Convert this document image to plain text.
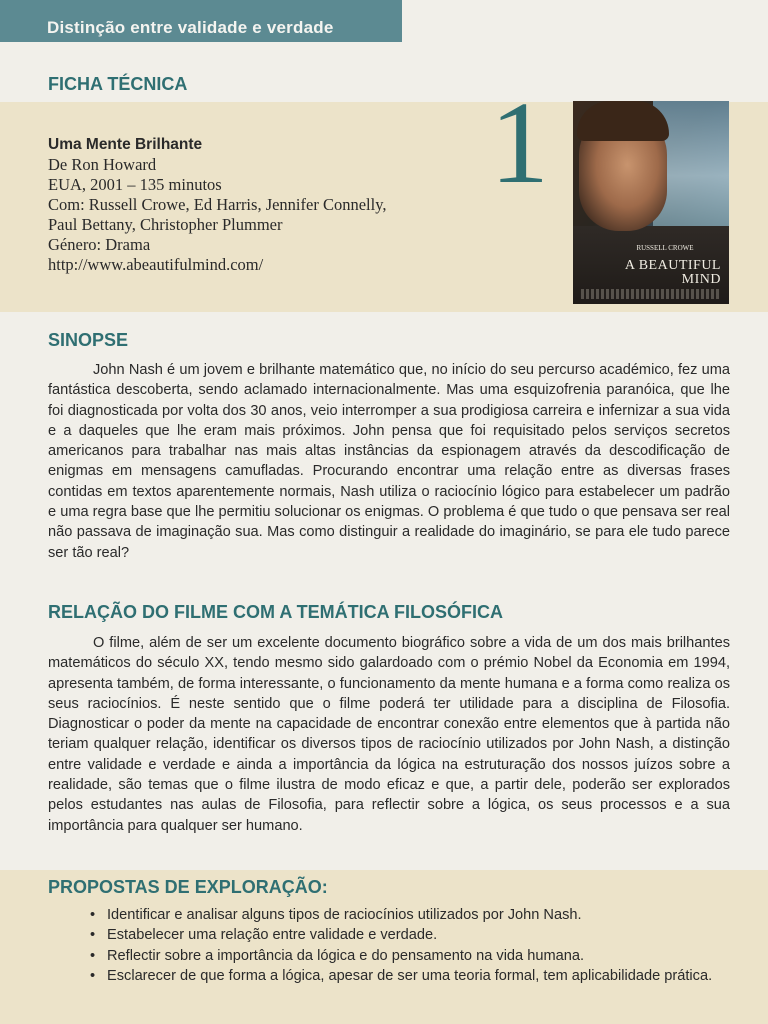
Distinção entre validade e verdade
FICHA TÉCNICA
Uma Mente Brilhante
De Ron Howard
EUA, 2001 – 135 minutos
Com: Russell Crowe, Ed Harris, Jennifer Connelly,
Paul Bettany, Christopher Plummer
Género: Drama
http://www.abeautifulmind.com/
1
RUSSELL CROWE
A BEAUTIFUL MIND
SINOPSE

John Nash é um jovem e brilhante matemático que, no início do seu percurso académico, fez uma fantástica descoberta, sendo aclamado internacionalmente. Mas uma esquizofrenia paranóica, que lhe foi diagnosticada por volta dos 30 anos, veio interromper a sua prodigiosa carreira e infernizar a sua vida e a daqueles que lhe eram mais próximos. John pensa que foi requisitado pelos serviços secretos americanos para trabalhar nas mais altas instâncias da espionagem através da descodificação de enigmas em mensagens camufladas. Procurando encontrar uma relação entre as diversas frases contidas em textos aparentemente normais, Nash utiliza o raciocínio lógico para estabelecer um padrão e uma regra base que lhe permitiu solucionar os enigmas. O problema é que tudo o que pensava ser real não passava de imaginação sua. Mas como distinguir a realidade do imaginário, se para ele tudo parece ser tão real?

RELAÇÃO DO FILME COM A TEMÁTICA FILOSÓFICA

O filme, além de ser um excelente documento biográfico sobre a vida de um dos mais brilhantes matemáticos do século XX, tendo mesmo sido galardoado com o prémio Nobel da Economia em 1994, apresenta também, de forma interessante, o funcionamento da mente humana e a forma como realiza os seus raciocínios. É neste sentido que o filme poderá ter utilidade para a disciplina de Filosofia. Diagnosticar o poder da mente na capacidade de encontrar conexão entre elementos que à partida não teriam qualquer relação, identificar os diversos tipos de raciocínio utilizados por John Nash, a distinção entre validade e verdade e ainda a importância da lógica na estruturação dos nossos juízos sobre a realidade, são temas que o filme ilustra de modo eficaz e que, a partir dele, poderão ser explorados pelos estudantes nas aulas de Filosofia, para reflectir sobre a lógica, os seus processos e a sua importância para qualquer ser humano.

PROPOSTAS DE EXPLORAÇÃO:
• Identificar e analisar alguns tipos de raciocínios utilizados por John Nash.
• Estabelecer uma relação entre validade e verdade.
• Reflectir sobre a importância da lógica e do pensamento na vida humana.
• Esclarecer de que forma a lógica, apesar de ser uma teoria formal, tem aplicabilidade prática.
